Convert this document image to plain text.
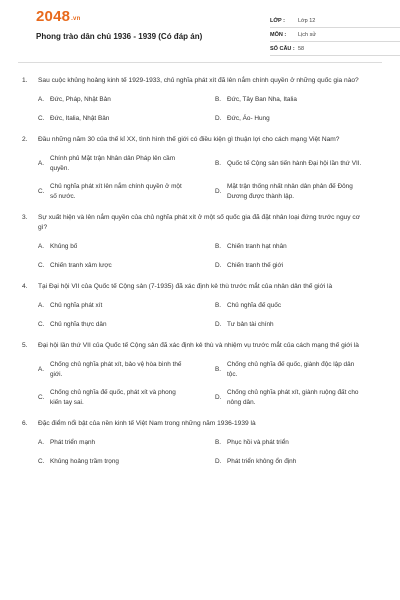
2048.vn
Phong trào dân chủ 1936 - 1939 (Có đáp án)
LỚP :	Lớp 12
MÔN :	Lịch sử
SỐ CÂU : 58
1.	Sau cuộc khủng hoảng kinh tế 1929-1933, chủ nghĩa phát xít đã lên nắm chính quyền ở những quốc gia nào?
A. Đức, Pháp, Nhật Bản	B. Đức, Tây Ban Nha, Italia
C. Đức, Italia, Nhật Bản	D. Đức, Áo- Hung
2.	Đầu những năm 30 của thế kỉ XX, tình hình thế giới có điều kiện gì thuận lợi cho cách mạng Việt Nam?
A.
Chính phủ Mặt trận Nhân dân Pháp lên cầm quyền.
B. Quốc tế Cộng sản tiến hành Đại hội lần thứ VII.
C.
Chủ nghĩa phát xít lên nắm chính quyền ở một số nước.
D.
Mặt trận thống nhất nhân dân phản đế Đông Dương được thành lập.
3.	Sự xuất hiện và lên nắm quyền của chủ nghĩa phát xít ở một số quốc gia đã đặt nhân loại đứng trước nguy cơ gì?
A. Khủng bố	B. Chiến tranh hạt nhân
C. Chiến tranh xâm lược	D. Chiến tranh thế giới
4.	Tại Đại hội VII của Quốc tế Cộng sản (7-1935) đã xác định kẻ thù trước mắt của nhân dân thế giới là
A. Chủ nghĩa phát xít	B. Chủ nghĩa đế quốc
C. Chủ nghĩa thực dân	D. Tư bản tài chính
5.	Đại hội lần thứ VII của Quốc tế Cộng sản đã xác định kẻ thù và nhiệm vụ trước mắt của cách mạng thế giới là
A.
Chống chủ nghĩa phát xít, bảo vệ hòa bình thế giới.
B.
Chống chủ nghĩa đế quốc, giành độc lập dân tộc.
C.
Chống chủ nghĩa đế quốc, phát xít và phong kiến tay sai.
D.
Chống chủ nghĩa phát xít, giành ruộng đất cho nông dân.
6.	Đặc điểm nổi bật của nền kinh tế Việt Nam trong những năm 1936-1939 là
A. Phát triển mạnh	B. Phục hồi và phát triển
C. Khủng hoảng trầm trọng	D. Phát triển không ổn định
